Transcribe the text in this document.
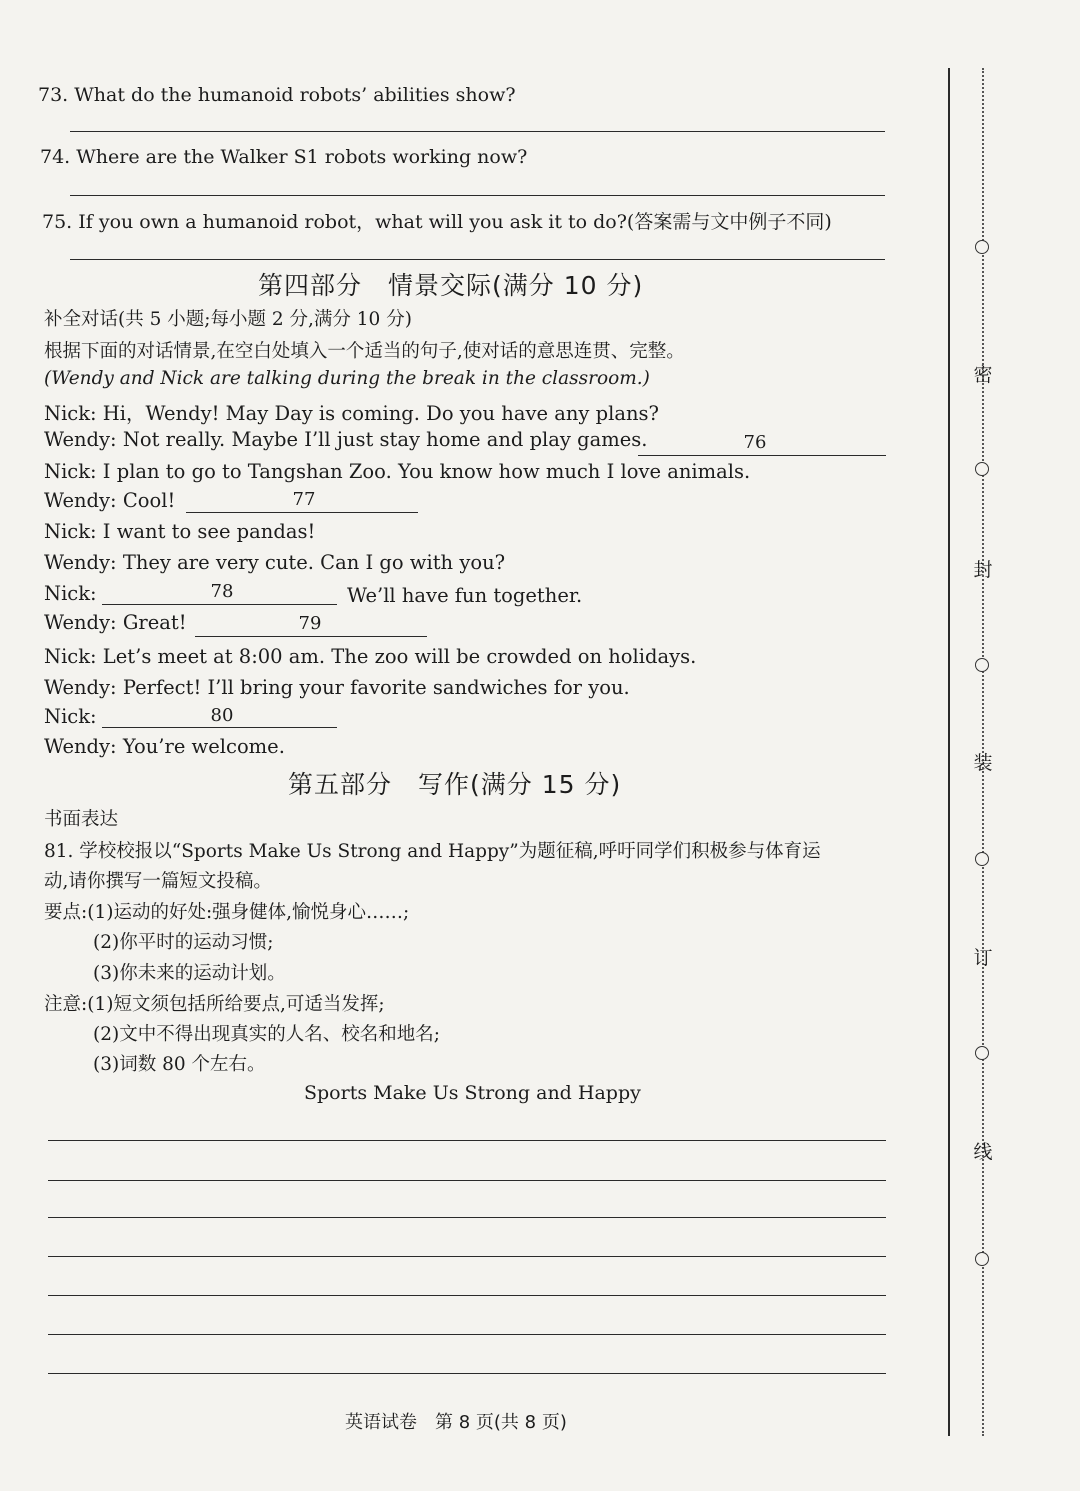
73. What do the humanoid robots’ abilities show?
74. Where are the Walker S1 robots working now?
75. If you own a humanoid robot，what will you ask it to do?(答案需与文中例子不同)
第四部分　情景交际(满分 10 分)
补全对话(共 5 小题;每小题 2 分,满分 10 分)
根据下面的对话情景,在空白处填入一个适当的句子,使对话的意思连贯、完整。
(Wendy and Nick are talking during the break in the classroom.)
Nick: Hi，Wendy! May Day is coming. Do you have any plans?
Wendy: Not really. Maybe I’ll just stay home and play games.	76
Nick: I plan to go to Tangshan Zoo. You know how much I love animals.
Wendy: Cool!	77
Nick: I want to see pandas!
Wendy: They are very cute. Can I go with you?
Nick:	78	We’ll have fun together.
Wendy: Great!	79
Nick: Let’s meet at 8:00 am. The zoo will be crowded on holidays.
Wendy: Perfect! I’ll bring your favorite sandwiches for you.
Nick:	80
Wendy: You’re welcome.
第五部分　写作(满分 15 分)
书面表达
81. 学校校报以“Sports Make Us Strong and Happy”为题征稿,呼吁同学们积极参与体育运
动,请你撰写一篇短文投稿。
要点:(1)运动的好处:强身健体,愉悦身心……;
(2)你平时的运动习惯;
(3)你未来的运动计划。
注意:(1)短文须包括所给要点,可适当发挥;
(2)文中不得出现真实的人名、校名和地名;
(3)词数 80 个左右。
Sports Make Us Strong and Happy
英语试卷　第 8 页(共 8 页)
密
封
装
订
线
